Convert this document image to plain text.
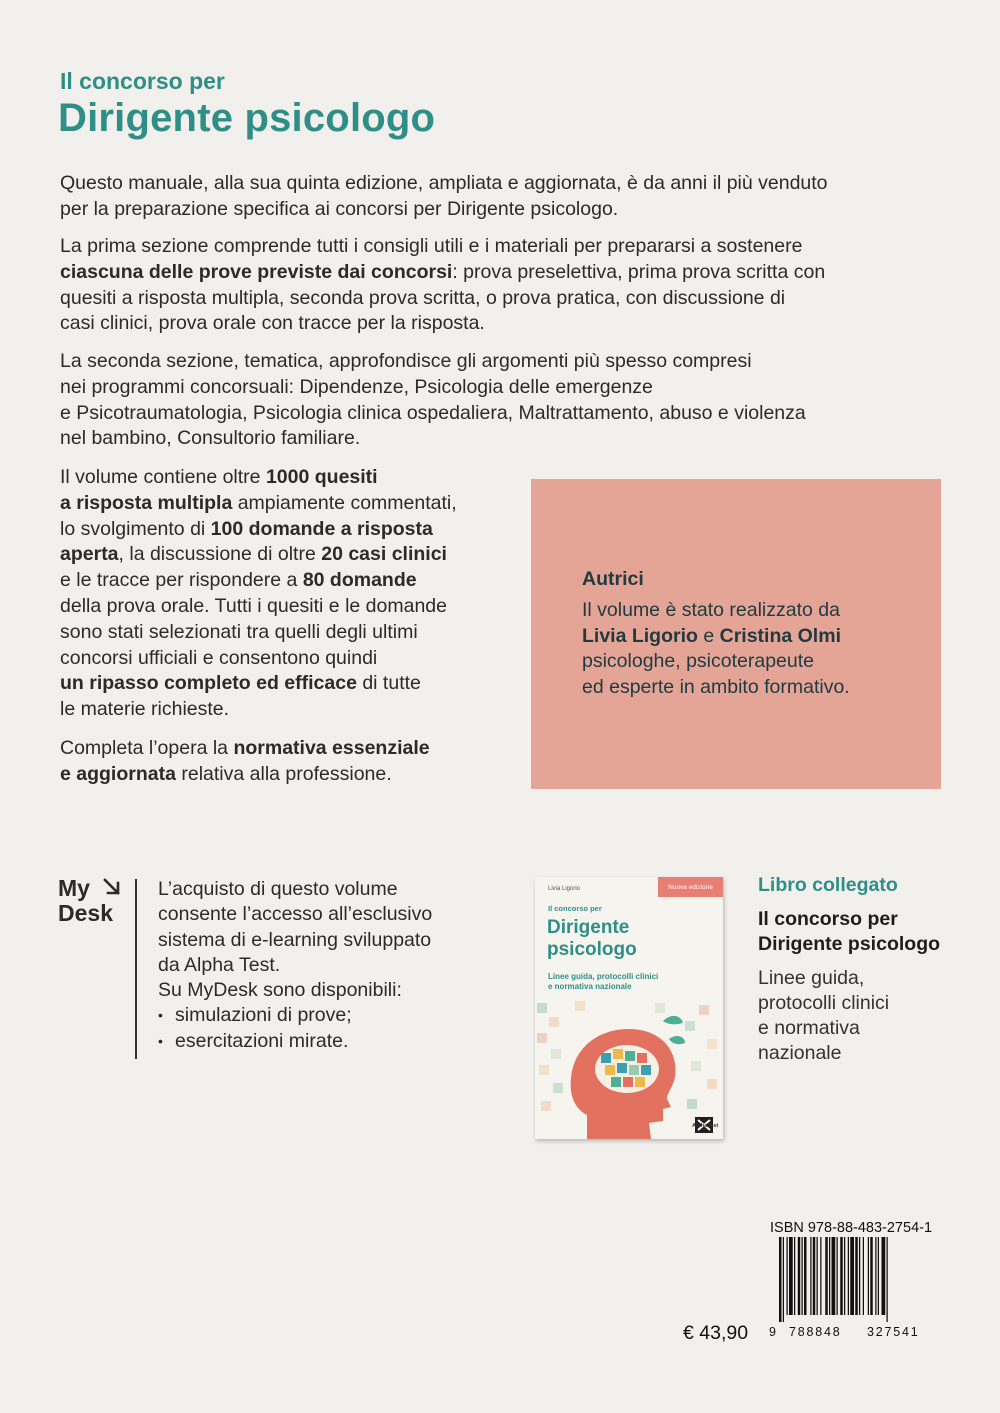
Il concorso per
Dirigente psicologo

Questo manuale, alla sua quinta edizione, ampliata e aggiornata, è da anni il più venduto
per la preparazione specifica ai concorsi per Dirigente psicologo.

La prima sezione comprende tutti i consigli utili e i materiali per prepararsi a sostenere
ciascuna delle prove previste dai concorsi: prova preselettiva, prima prova scritta con
quesiti a risposta multipla, seconda prova scritta, o prova pratica, con discussione di
casi clinici, prova orale con tracce per la risposta.

La seconda sezione, tematica, approfondisce gli argomenti più spesso compresi
nei programmi concorsuali: Dipendenze, Psicologia delle emergenze
e Psicotraumatologia, Psicologia clinica ospedaliera, Maltrattamento, abuso e violenza
nel bambino, Consultorio familiare.

Il volume contiene oltre 1000 quesiti
a risposta multipla ampiamente commentati,
lo svolgimento di 100 domande a risposta
aperta, la discussione di oltre 20 casi clinici
e le tracce per rispondere a 80 domande
della prova orale. Tutti i quesiti e le domande
sono stati selezionati tra quelli degli ultimi
concorsi ufficiali e consentono quindi
un ripasso completo ed efficace di tutte
le materie richieste.

Completa l’opera la normativa essenziale
e aggiornata relativa alla professione.

Autrici
Il volume è stato realizzato da
Livia Ligorio e Cristina Olmi
psicologhe, psicoterapeute
ed esperte in ambito formativo.
My
Desk
L’acquisto di questo volume
consente l’accesso all’esclusivo
sistema di e-learning sviluppato
da Alpha Test.
Su MyDesk sono disponibili:
• simulazioni di prove;
• esercitazioni mirate.
Livia Ligorio	Nuova edizione
Il concorso per
Dirigente
psicologo
Linee guida, protocolli clinici
e normativa nazionale
AlphaTest
Libro collegato
Il concorso per
Dirigente psicologo
Linee guida,
protocolli clinici
e normativa
nazionale
ISBN 978-88-483-2754-1
9 788848 327541
€ 43,90
